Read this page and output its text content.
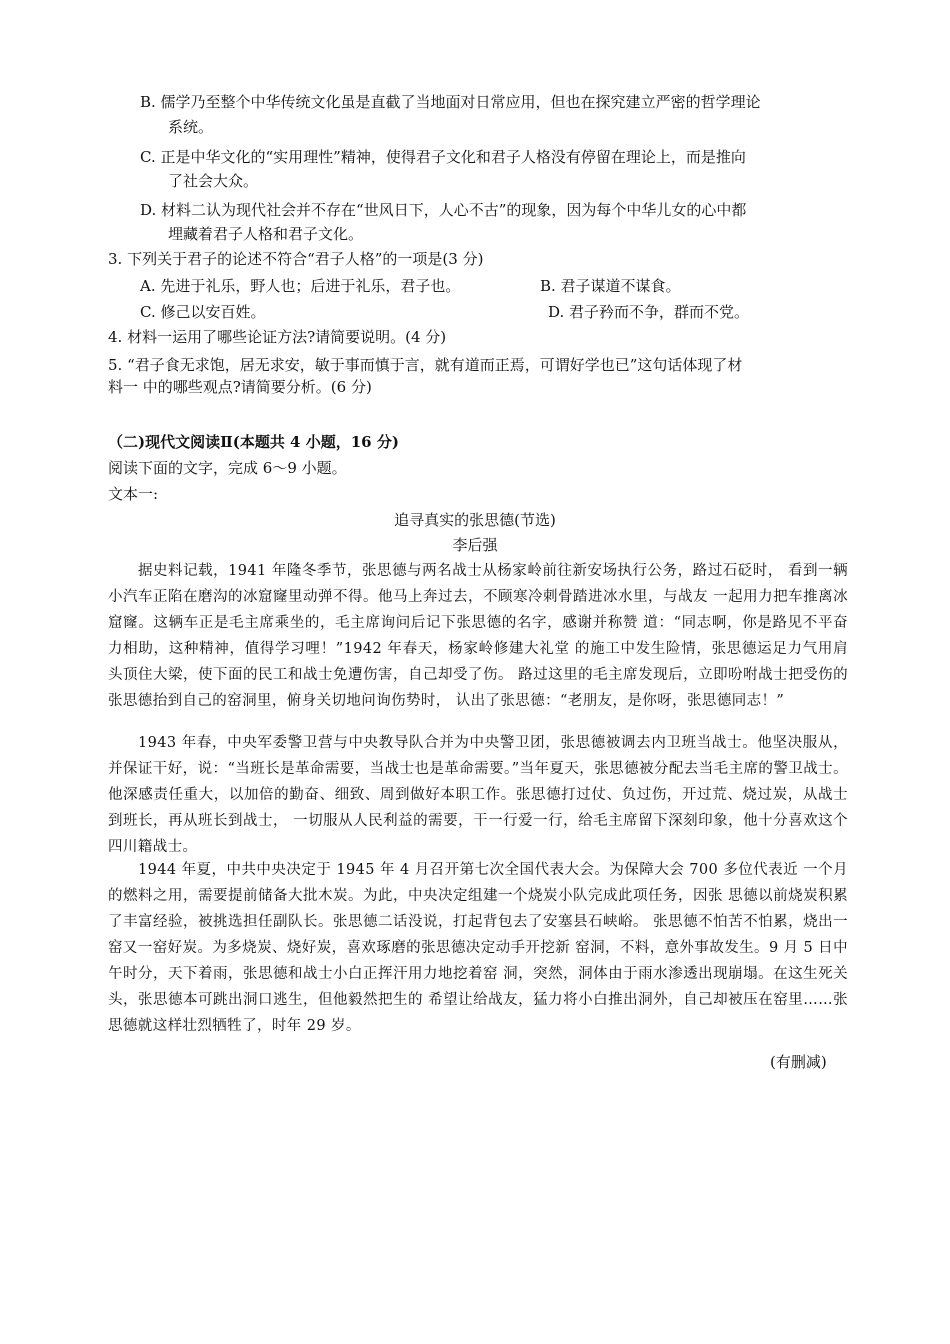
B. 儒学乃至整个中华传统文化虽是直截了当地面对日常应用，但也在探究建立严密的哲学理论
系统。
C. 正是中华文化的“实用理性”精神，使得君子文化和君子人格没有停留在理论上，而是推向
了社会大众。
D. 材料二认为现代社会并不存在“世风日下，人心不古”的现象，因为每个中华儿女的心中都
埋藏着君子人格和君子文化。
3. 下列关于君子的论述不符合“君子人格”的一项是(3 分)
A. 先进于礼乐，野人也；后进于礼乐，君子也。	B. 君子谋道不谋食。
C. 修己以安百姓。	D. 君子矜而不争，群而不党。
4. 材料一运用了哪些论证方法?请简要说明。(4 分)
5. “君子食无求饱，居无求安，敏于事而慎于言，就有道而正焉，可谓好学也已”这句话体现了材
料一 中的哪些观点?请简要分析。(6 分)
（二)现代文阅读Ⅱ(本题共 4 小题，16 分)
阅读下面的文字，完成 6～9 小题。
文本一:
追寻真实的张思德(节选)
李后强
据史料记载，1941 年隆冬季节，张思德与两名战士从杨家岭前往新安场执行公务，路过石砭时， 看到一辆小汽车正陷在磨沟的冰窟窿里动弹不得。他马上奔过去，不顾寒冷刺骨踏进冰水里，与战友 一起用力把车推离冰窟窿。这辆车正是毛主席乘坐的，毛主席询问后记下张思德的名字，感谢并称赞 道：“同志啊，你是路见不平奋力相助，这种精神，值得学习哩！”1942 年春天，杨家岭修建大礼堂 的施工中发生险情，张思德运足力气用肩头顶住大梁，使下面的民工和战士免遭伤害，自己却受了伤。 路过这里的毛主席发现后，立即吩咐战士把受伤的张思德抬到自己的窑洞里，俯身关切地问询伤势时， 认出了张思德：“老朋友，是你呀，张思德同志！”
1943 年春，中央军委警卫营与中央教导队合并为中央警卫团，张思德被调去内卫班当战士。他坚决服从，并保证干好，说：“当班长是革命需要，当战士也是革命需要。”当年夏天，张思德被分配去当毛主席的警卫战士。他深感责任重大，以加倍的勤奋、细致、周到做好本职工作。张思德打过仗、负过伤，开过荒、烧过炭，从战士到班长，再从班长到战士， 一切服从人民利益的需要，干一行爱一行，给毛主席留下深刻印象，他十分喜欢这个四川籍战士。
1944 年夏，中共中央决定于 1945 年 4 月召开第七次全国代表大会。为保障大会 700 多位代表近 一个月的燃料之用，需要提前储备大批木炭。为此，中央决定组建一个烧炭小队完成此项任务，因张 思德以前烧炭积累了丰富经验，被挑选担任副队长。张思德二话没说，打起背包去了安塞县石峡峪。 张思德不怕苦不怕累，烧出一窑又一窑好炭。为多烧炭、烧好炭，喜欢琢磨的张思德决定动手开挖新 窑洞，不料，意外事故发生。9 月 5 日中午时分，天下着雨，张思德和战士小白正挥汗用力地挖着窑 洞，突然，洞体由于雨水渗透出现崩塌。在这生死关头，张思德本可跳出洞口逃生，但他毅然把生的 希望让给战友，猛力将小白推出洞外，自己却被压在窑里……张思德就这样壮烈牺牲了，时年 29 岁。
(有删减)
